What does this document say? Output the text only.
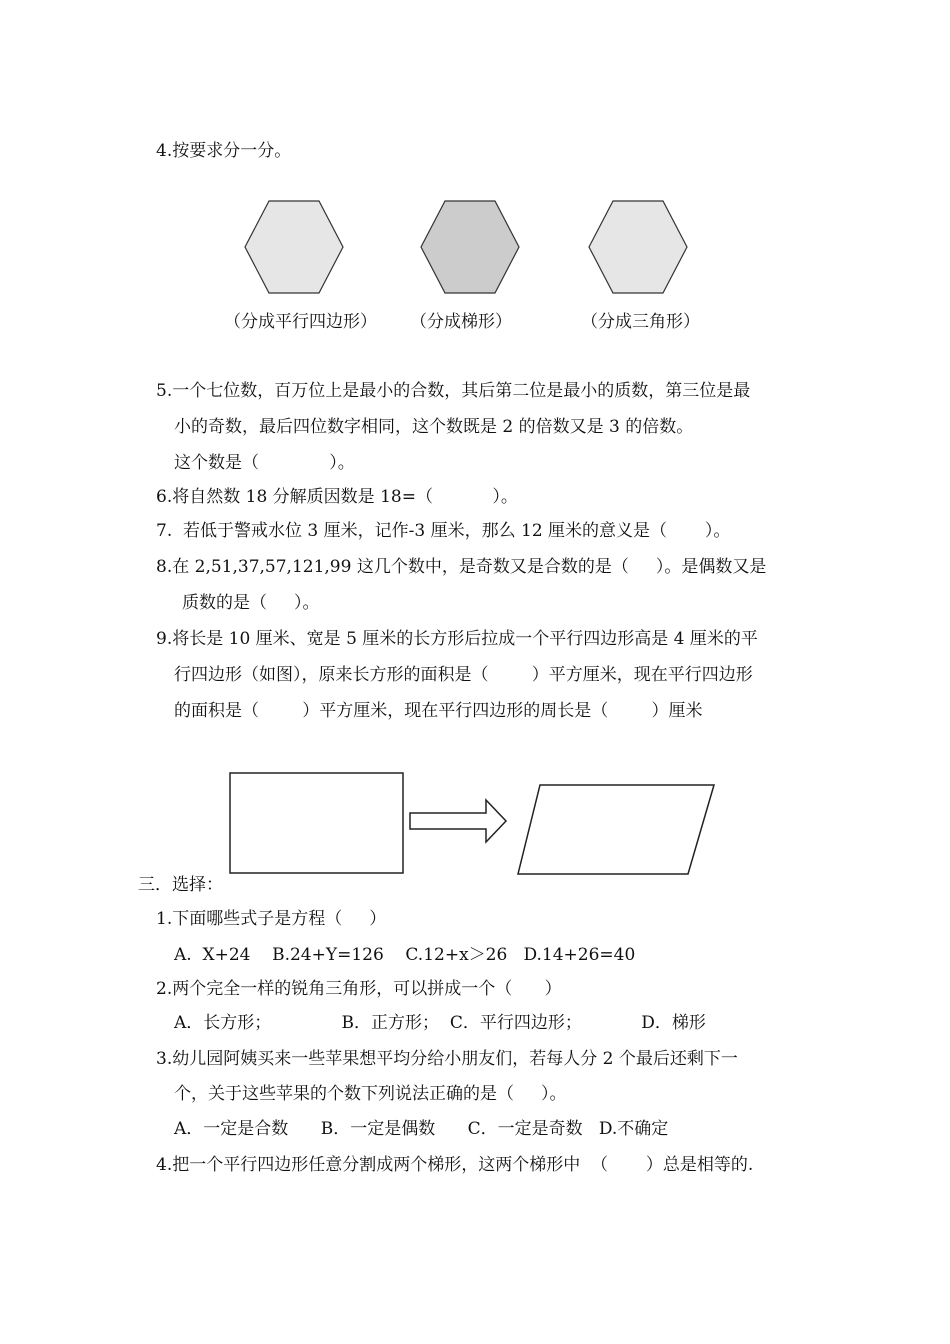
4.按要求分一分。
（分成平行四边形） （分成梯形）	（分成三角形）
5.一个七位数，百万位上是最小的合数，其后第二位是最小的质数，第三位是最
小的奇数，最后四位数字相同，这个数既是 2 的倍数又是 3 的倍数。
这个数是（             ）。
6.将自然数 18 分解质因数是 18=（           ）。
7.  若低于警戒水位 3 厘米，记作-3 厘米，那么 12 厘米的意义是（       ）。
8.在 2,51,37,57,121,99 这几个数中，是奇数又是合数的是（     ）。是偶数又是
质数的是（     ）。
9.将长是 10 厘米、宽是 5 厘米的长方形后拉成一个平行四边形高是 4 厘米的平
行四边形（如图），原来长方形的面积是（        ）平方厘米，现在平行四边形
的面积是（        ）平方厘米，现在平行四边形的周长是（        ）厘米
三．选择：
1.下面哪些式子是方程（     ）
A.  X+24    B.24+Y=126    C.12+x＞26   D.14+26=40
2.两个完全一样的锐角三角形，可以拼成一个（      ）
A．长方形；             B．正方形；  C．平行四边形；           D．梯形
3.幼儿园阿姨买来一些苹果想平均分给小朋友们，若每人分 2 个最后还剩下一
个，关于这些苹果的个数下列说法正确的是（     ）。
A．一定是合数      B．一定是偶数      C．一定是奇数   D.不确定
4.把一个平行四边形任意分割成两个梯形，这两个梯形中  （       ）总是相等的.
